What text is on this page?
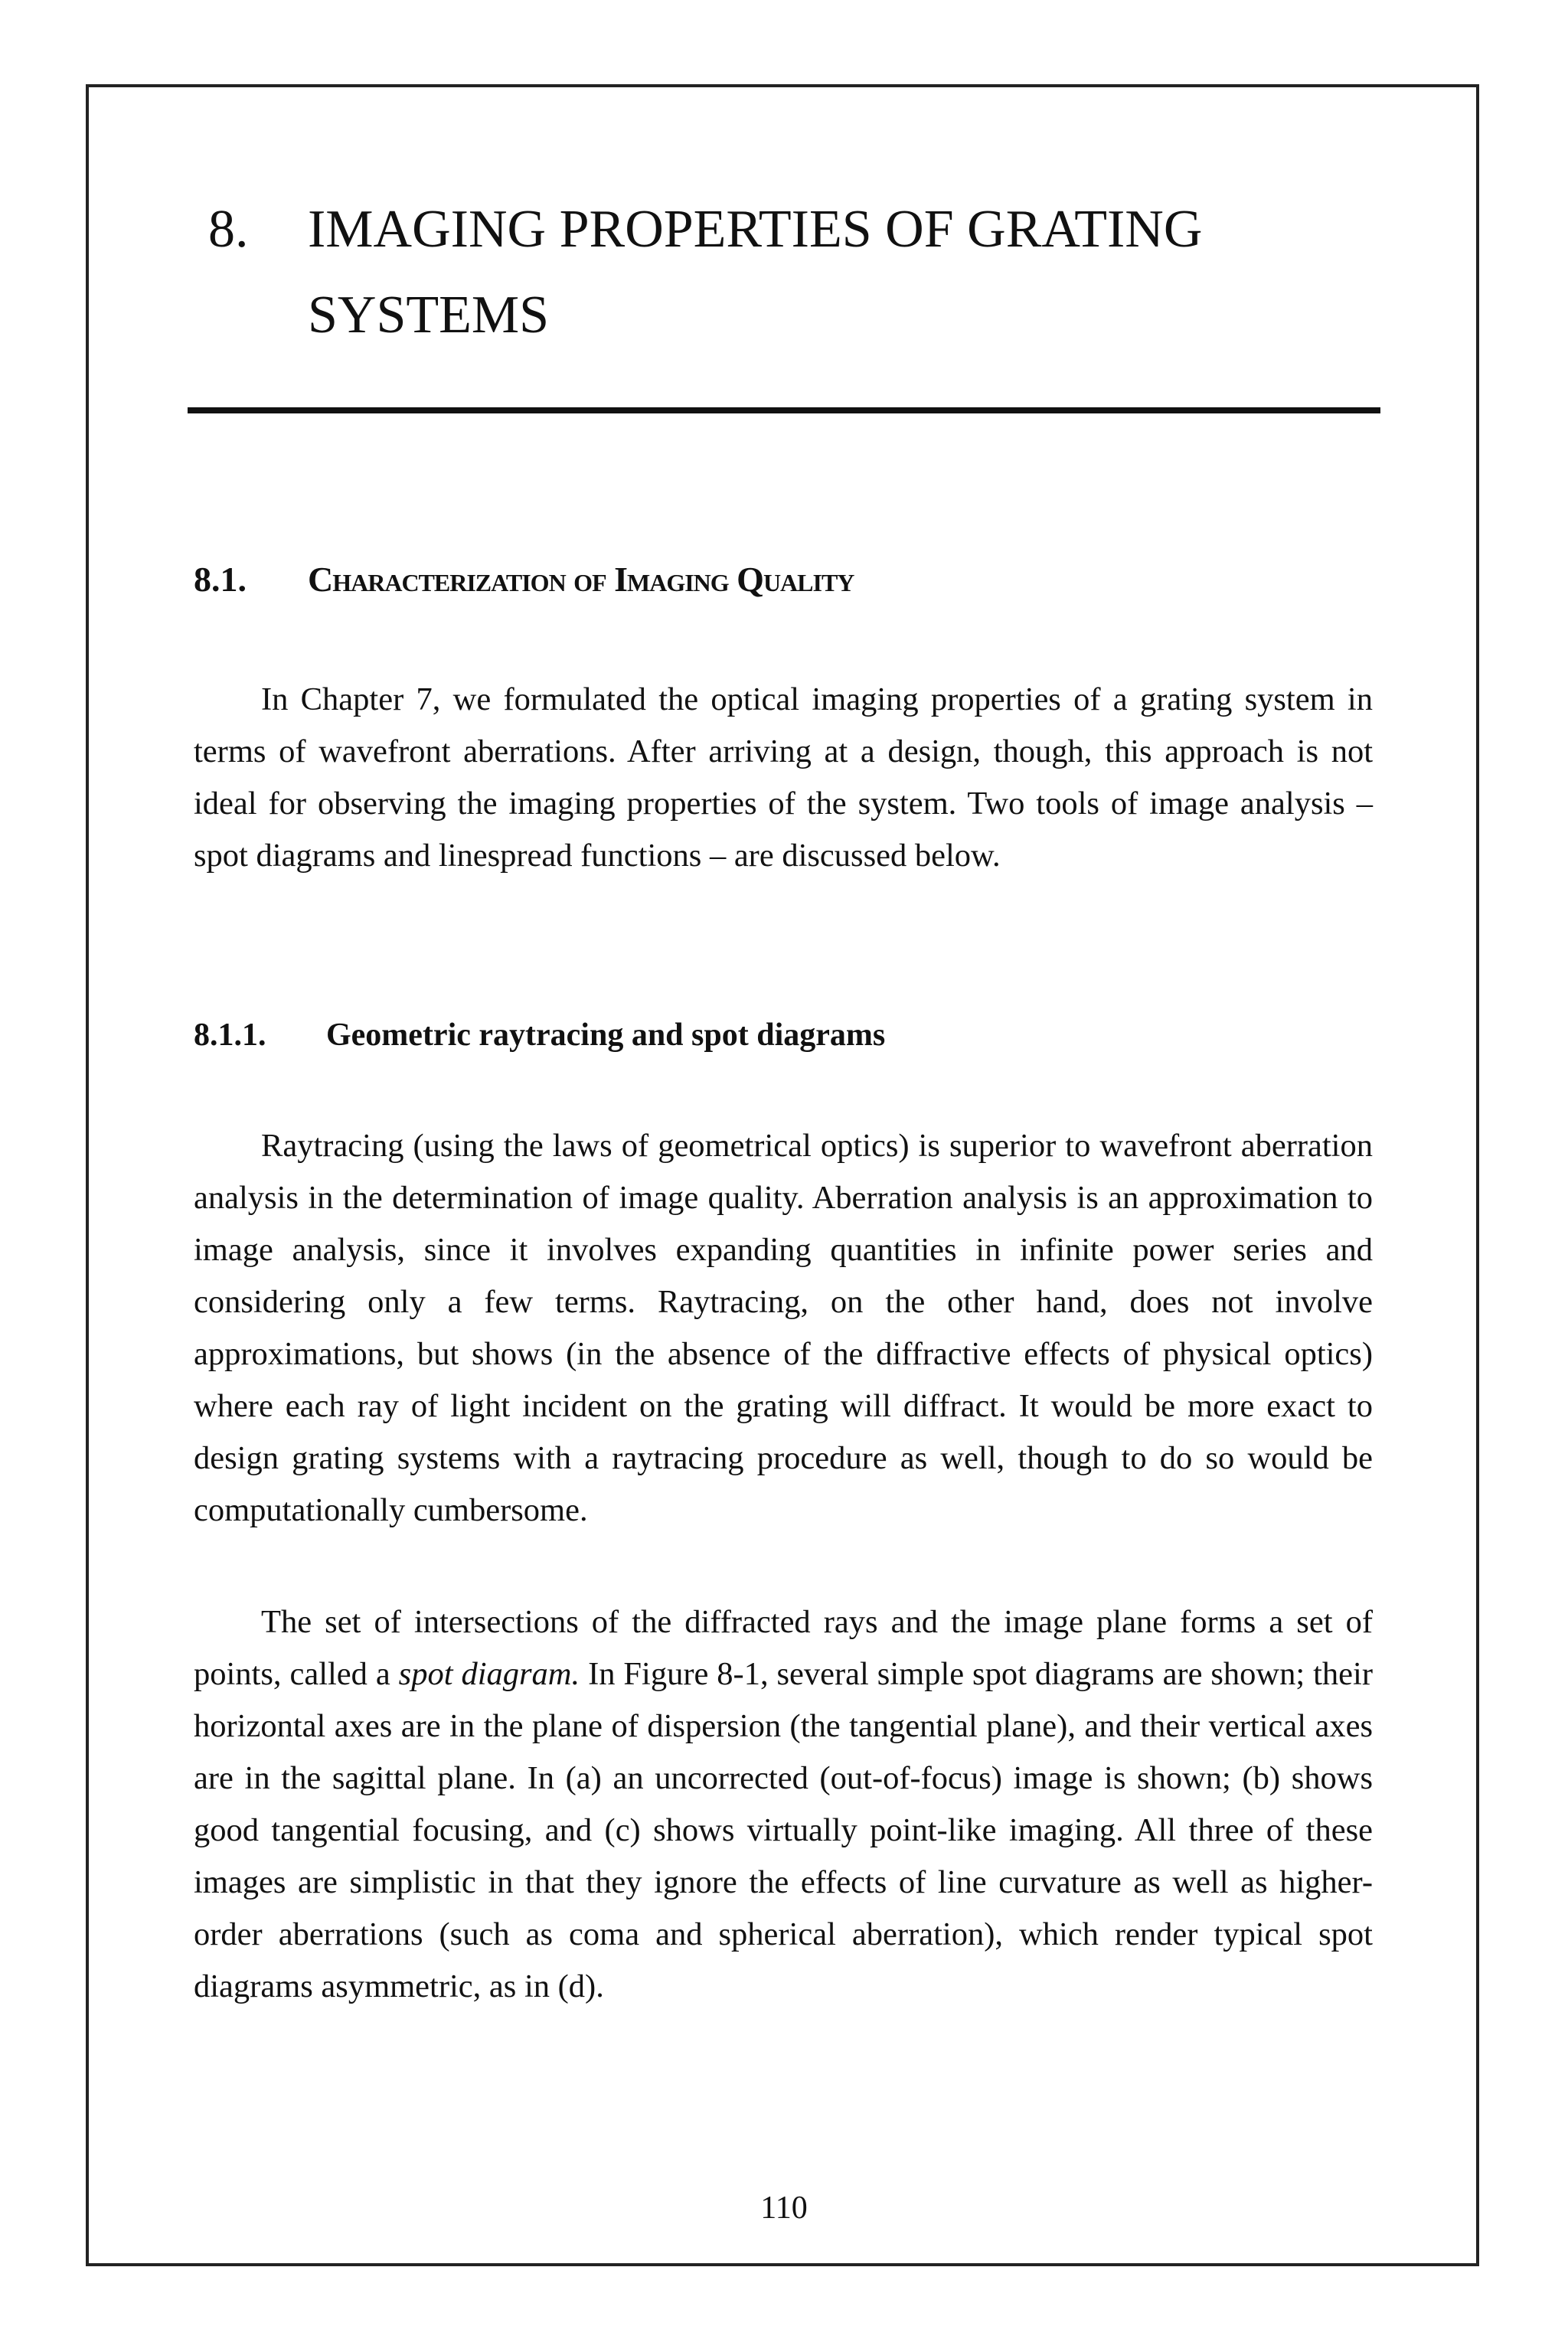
8. IMAGING PROPERTIES OF GRATING SYSTEMS
8.1. Characterization of Imaging Quality

In Chapter 7, we formulated the optical imaging properties of a grating system in terms of wavefront aberrations. After arriving at a design, though, this approach is not ideal for observing the imaging properties of the system. Two tools of image analysis – spot diagrams and linespread functions – are discussed below.

8.1.1. Geometric raytracing and spot diagrams

Raytracing (using the laws of geometrical optics) is superior to wavefront aberration analysis in the determination of image quality. Aberration analysis is an approximation to image analysis, since it involves expanding quantities in infinite power series and considering only a few terms. Raytracing, on the other hand, does not involve approximations, but shows (in the absence of the diffractive effects of physical optics) where each ray of light incident on the grating will diffract. It would be more exact to design grating systems with a raytracing procedure as well, though to do so would be computationally cumbersome.

The set of intersections of the diffracted rays and the image plane forms a set of points, called a spot diagram. In Figure 8-1, several simple spot diagrams are shown; their horizontal axes are in the plane of dispersion (the tangential plane), and their vertical axes are in the sagittal plane. In (a) an uncorrected (out-of-focus) image is shown; (b) shows good tangential focusing, and (c) shows virtually point-like imaging. All three of these images are simplistic in that they ignore the effects of line curvature as well as higher-order aberrations (such as coma and spherical aberration), which render typical spot diagrams asymmetric, as in (d).

110
